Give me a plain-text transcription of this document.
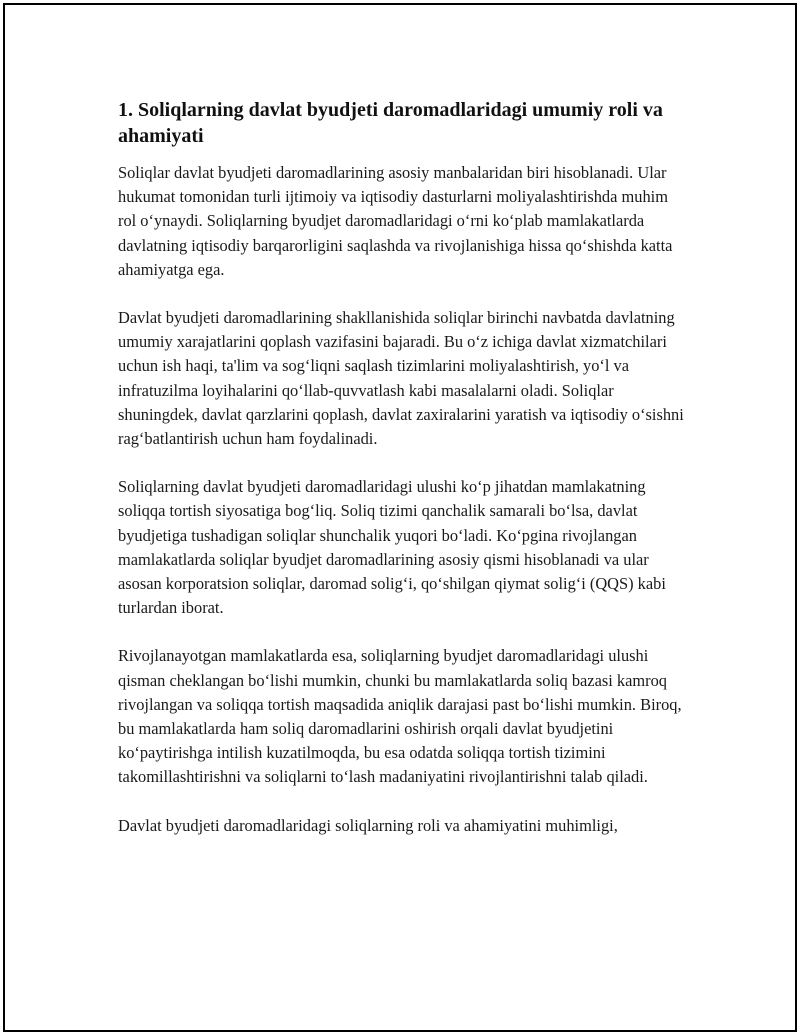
1. Soliqlarning davlat byudjeti daromadlaridagi umumiy roli va ahamiyati

Soliqlar davlat byudjeti daromadlarining asosiy manbalaridan biri hisoblanadi. Ular hukumat tomonidan turli ijtimoiy va iqtisodiy dasturlarni moliyalashtirishda muhim rol o‘ynaydi. Soliqlarning byudjet daromadlaridagi o‘rni ko‘plab mamlakatlarda davlatning iqtisodiy barqarorligini saqlashda va rivojlanishiga hissa qo‘shishda katta ahamiyatga ega.

Davlat byudjeti daromadlarining shakllanishida soliqlar birinchi navbatda davlatning umumiy xarajatlarini qoplash vazifasini bajaradi. Bu o‘z ichiga davlat xizmatchilari uchun ish haqi, ta'lim va sog‘liqni saqlash tizimlarini moliyalashtirish, yo‘l va infratuzilma loyihalarini qo‘llab-quvvatlash kabi masalalarni oladi. Soliqlar shuningdek, davlat qarzlarini qoplash, davlat zaxiralarini yaratish va iqtisodiy o‘sishni rag‘batlantirish uchun ham foydalinadi.

Soliqlarning davlat byudjeti daromadlaridagi ulushi ko‘p jihatdan mamlakatning soliqqa tortish siyosatiga bog‘liq. Soliq tizimi qanchalik samarali bo‘lsa, davlat byudjetiga tushadigan soliqlar shunchalik yuqori bo‘ladi. Ko‘pgina rivojlangan mamlakatlarda soliqlar byudjet daromadlarining asosiy qismi hisoblanadi va ular asosan korporatsion soliqlar, daromad solig‘i, qo‘shilgan qiymat solig‘i (QQS) kabi turlardan iborat.

Rivojlanayotgan mamlakatlarda esa, soliqlarning byudjet daromadlaridagi ulushi qisman cheklangan bo‘lishi mumkin, chunki bu mamlakatlarda soliq bazasi kamroq rivojlangan va soliqqa tortish maqsadida aniqlik darajasi past bo‘lishi mumkin. Biroq, bu mamlakatlarda ham soliq daromadlarini oshirish orqali davlat byudjetini ko‘paytirishga intilish kuzatilmoqda, bu esa odatda soliqqa tortish tizimini takomillashtirishni va soliqlarni to‘lash madaniyatini rivojlantirishni talab qiladi.

Davlat byudjeti daromadlaridagi soliqlarning roli va ahamiyatini muhimligi,
